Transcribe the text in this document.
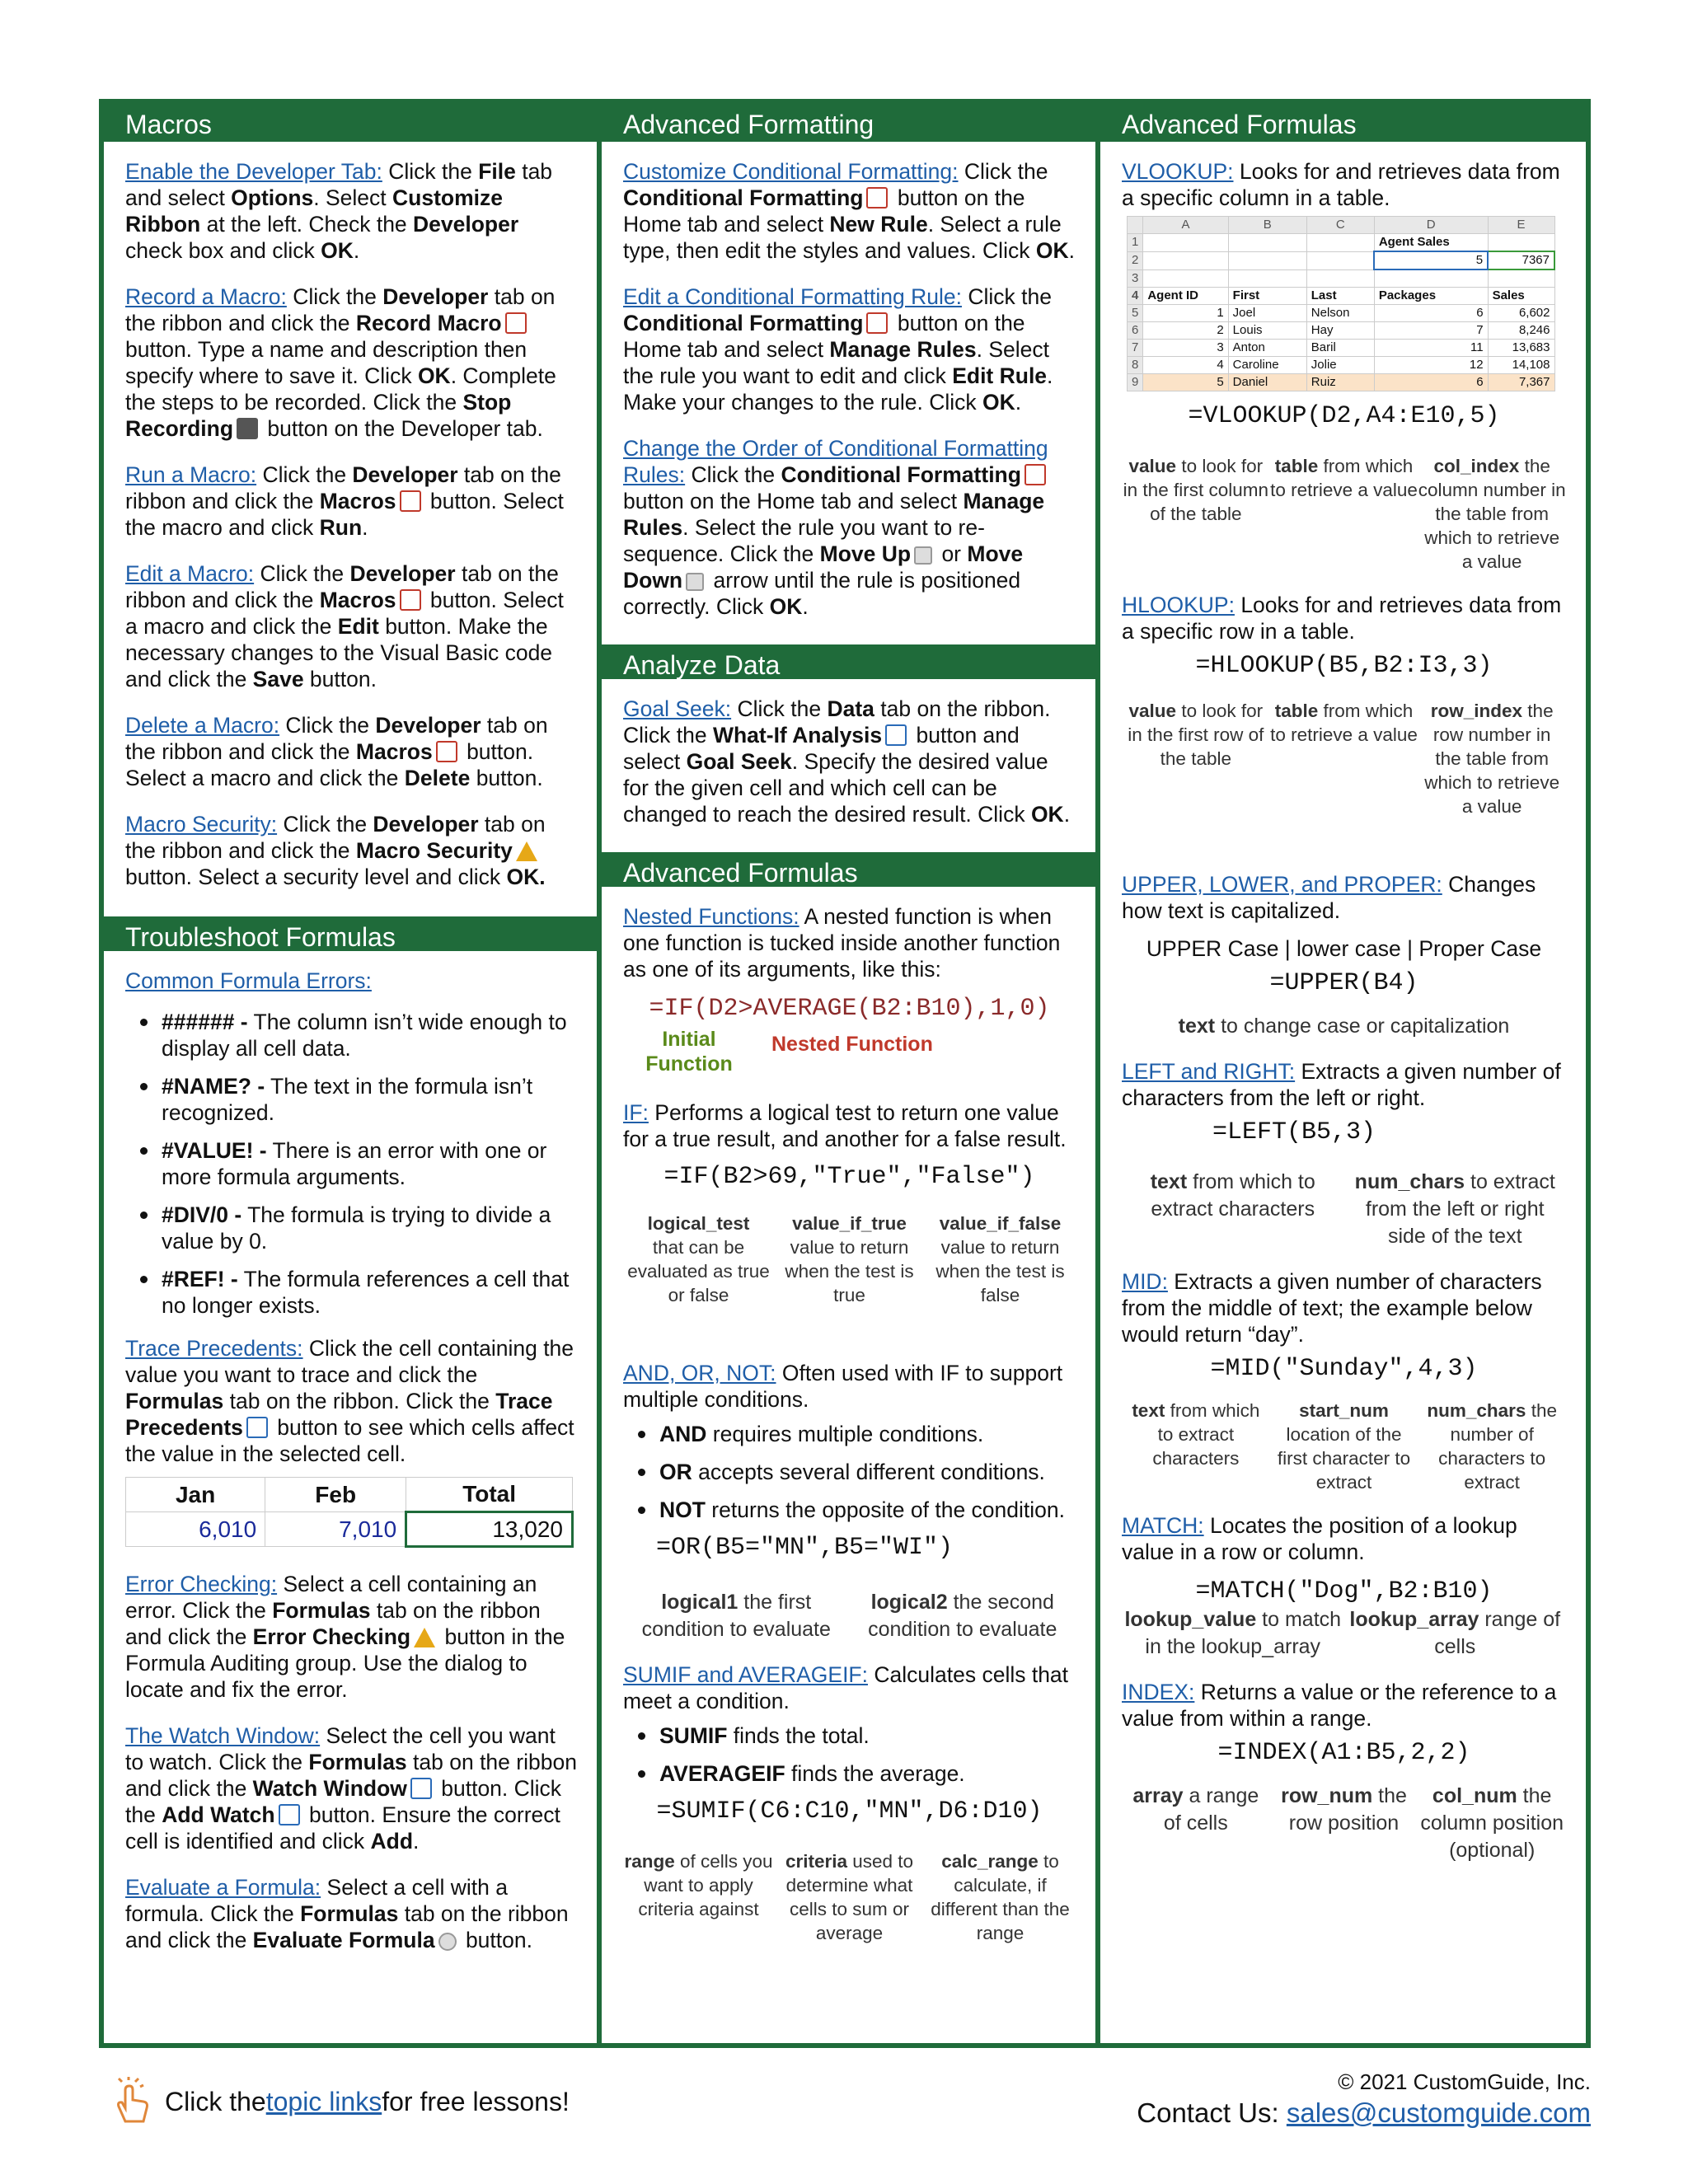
Macros

Enable the Developer Tab: Click the File tab and select Options. Select Customize Ribbon at the left. Check the Developer check box and click OK.

Record a Macro: Click the Developer tab on the ribbon and click the Record Macro button. Type a name and description then specify where to save it. Click OK. Complete the steps to be recorded. Click the Stop Recording button on the Developer tab.

Run a Macro: Click the Developer tab on the ribbon and click the Macros button. Select the macro and click Run.

Edit a Macro: Click the Developer tab on the ribbon and click the Macros button. Select a macro and click the Edit button. Make the necessary changes to the Visual Basic code and click the Save button.

Delete a Macro: Click the Developer tab on the ribbon and click the Macros button. Select a macro and click the Delete button.

Macro Security: Click the Developer tab on the ribbon and click the Macro Security button. Select a security level and click OK.

Troubleshoot Formulas
Common Formula Errors:
###### - The column isn’t wide enough to display all cell data.
#NAME? - The text in the formula isn’t recognized.
#VALUE! - There is an error with one or more formula arguments.
#DIV/0 - The formula is trying to divide a value by 0.
#REF! - The formula references a cell that no longer exists.

Trace Precedents: Click the cell containing the value you want to trace and click the Formulas tab on the ribbon. Click the Trace Precedents button to see which cells affect the value in the selected cell.

Jan	Feb	Total
6,010	7,010	13,020

Error Checking: Select a cell containing an error. Click the Formulas tab on the ribbon and click the Error Checking button in the Formula Auditing group. Use the dialog to locate and fix the error.

The Watch Window: Select the cell you want to watch. Click the Formulas tab on the ribbon and click the Watch Window button. Click the Add Watch button. Ensure the correct cell is identified and click Add.

Evaluate a Formula: Select a cell with a formula. Click the Formulas tab on the ribbon and click the Evaluate Formula button.

Advanced Formatting

Customize Conditional Formatting: Click the Conditional Formatting button on the Home tab and select New Rule. Select a rule type, then edit the styles and values. Click OK.

Edit a Conditional Formatting Rule: Click the Conditional Formatting button on the Home tab and select Manage Rules. Select the rule you want to edit and click Edit Rule. Make your changes to the rule. Click OK.

Change the Order of Conditional Formatting Rules: Click the Conditional Formatting button on the Home tab and select Manage Rules. Select the rule you want to re-sequence. Click the Move Up or Move Down arrow until the rule is positioned correctly. Click OK.

Analyze Data

Goal Seek: Click the Data tab on the ribbon. Click the What-If Analysis button and select Goal Seek. Specify the desired value for the given cell and which cell can be changed to reach the desired result. Click OK.

Advanced Formulas
Nested Functions: A nested function is when one function is tucked inside another function as one of its arguments, like this:
=IF(D2>AVERAGE(B2:B10),1,0)
Initial Function
Nested Function
IF: Performs a logical test to return one value for a true result, and another for a false result.
=IF(B2>69,"True","False")
logical_test
that can be evaluated as true or false
value_if_true
value to return when the test is true
value_if_false
value to return when the test is false
AND, OR, NOT: Often used with IF to support multiple conditions.
AND requires multiple conditions.
OR accepts several different conditions.
NOT returns the opposite of the condition.
=OR(B5="MN",B5="WI")
logical1 the first condition to evaluate
logical2 the second condition to evaluate
SUMIF and AVERAGEIF: Calculates cells that meet a condition.
SUMIF finds the total.
AVERAGEIF finds the average.
=SUMIF(C6:C10,"MN",D6:D10)
range of cells you want to apply criteria against
criteria used to determine what cells to sum or average
calc_range to calculate, if different than the range
Advanced Formulas
VLOOKUP: Looks for and retrieves data from a specific column in a table.
	A	B	C	D	E
1				Agent Sales	
2				5	7367
3					
4	Agent ID	First	Last	Packages	Sales
5	1	Joel	Nelson	6	6,602
6	2	Louis	Hay	7	8,246
7	3	Anton	Baril	11	13,683
8	4	Caroline	Jolie	12	14,108
9	5	Daniel	Ruiz	6	7,367
=VLOOKUP(D2,A4:E10,5)
value to look for in the first column of the table
table from which to retrieve a value
col_index the column number in the table from which to retrieve a value
HLOOKUP: Looks for and retrieves data from a specific row in a table.
=HLOOKUP(B5,B2:I3,3)
value to look for in the first row of the table
table from which to retrieve a value
row_index the row number in the table from which to retrieve a value
UPPER, LOWER, and PROPER: Changes how text is capitalized.
UPPER Case | lower case | Proper Case
=UPPER(B4)
text to change case or capitalization
LEFT and RIGHT: Extracts a given number of characters from the left or right.
=LEFT(B5,3)
text from which to extract characters
num_chars to extract from the left or right side of the text
MID: Extracts a given number of characters from the middle of text; the example below would return “day”.
=MID("Sunday",4,3)
text from which to extract characters
start_num location of the first character to extract
num_chars the number of characters to extract
MATCH: Locates the position of a lookup value in a row or column.
=MATCH("Dog",B2:B10)
lookup_value to match in the lookup_array
lookup_array range of cells
INDEX: Returns a value or the reference to a value from within a range.
=INDEX(A1:B5,2,2)
array a range of cells
row_num the row position
col_num the column position (optional)
Click the topic links for free lessons!
© 2021 CustomGuide, Inc.
Contact Us: sales@customguide.com
